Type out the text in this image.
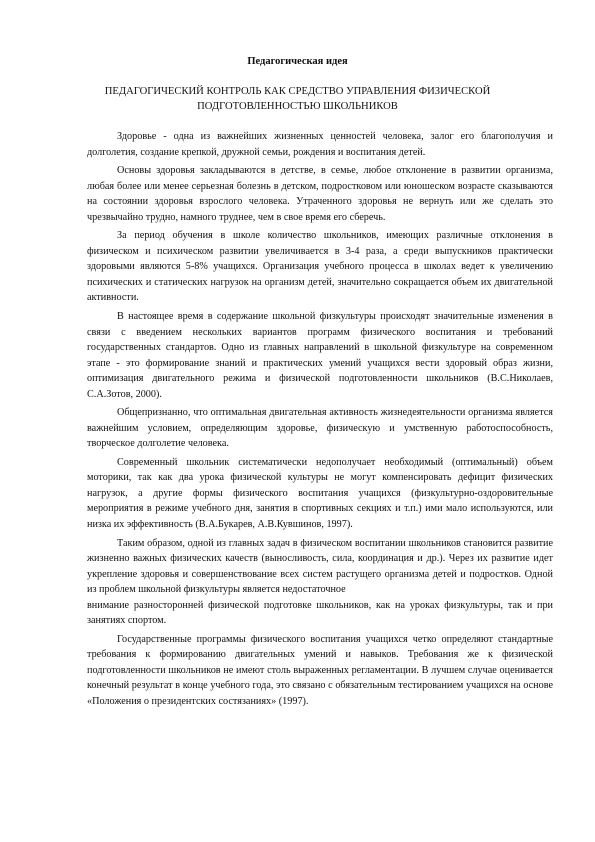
Педагогическая идея
ПЕДАГОГИЧЕСКИЙ КОНТРОЛЬ КАК СРЕДСТВО УПРАВЛЕНИЯ ФИЗИЧЕСКОЙ
ПОДГОТОВЛЕННОСТЬЮ ШКОЛЬНИКОВ

Здоровье - одна из важнейших жизненных ценностей человека, залог его благополучия и долголетия, создание крепкой, дружной семьи, рождения и воспитания детей.

Основы здоровья закладываются в детстве, в семье, любое отклонение в развитии организма, любая более или менее серьезная болезнь в детском, подростковом или юношеском возрасте сказываются на состоянии здоровья взрослого человека. Утраченного здоровья не вернуть или же сделать это чрезвычайно трудно, намного труднее, чем в свое время его сберечь.

За период обучения в школе количество школьников, имеющих различные отклонения в физическом и психическом развитии увеличивается в 3-4 раза, а среди выпускников практически здоровыми являются 5-8% учащихся. Организация учебного процесса в школах ведет к увеличению психических и статических нагрузок на организм детей, значительно сокращается объем их двигательной активности.

В настоящее время в содержание школьной физкультуры происходят значительные изменения в связи с введением нескольких вариантов программ физического воспитания и требований государственных стандартов. Одно из главных направлений в школьной физкультуре на современном этапе - это формирование знаний и практических умений учащихся вести здоровый образ жизни, оптимизация двигательного режима и физической подготовленности школьников (В.С.Николаев, С.А.Зотов, 2000).

Общепризнанно, что оптимальная двигательная активность жизнедеятельности организма является важнейшим условием, определяющим здоровье, физическую и умственную работоспособность, творческое долголетие человека.

Современный школьник систематически недополучает необходимый (оптимальный) объем моторики, так как два урока физической культуры не могут компенсировать дефицит физических нагрузок, а другие формы физического воспитания учащихся (физкультурно-оздоровительные мероприятия в режиме учебного дня, занятия в спортивных секциях и т.п.) ими мало используются, или низка их эффективность (В.А.Букарев, А.В.Кувшинов, 1997).

Таким образом, одной из главных задач в физическом воспитании школьников становится развитие жизненно важных физических качеств (выносливость, сила, координация и др.). Через их развитие идет укрепление здоровья и совершенствование всех систем растущего организма детей и подростков. Одной из проблем школьной физкультуры является недостаточное

внимание разносторонней физической подготовке школьников, как на уроках физкультуры, так и при занятиях спортом.

Государственные программы физического воспитания учащихся четко определяют стандартные требования к формированию двигательных умений и навыков. Требования же к физической подготовленности школьников не имеют столь выраженных регламентации. В лучшем случае оценивается конечный результат в конце учебного года, это связано с обязательным тестированием учащихся на основе «Положения о президентских состязаниях» (1997).
